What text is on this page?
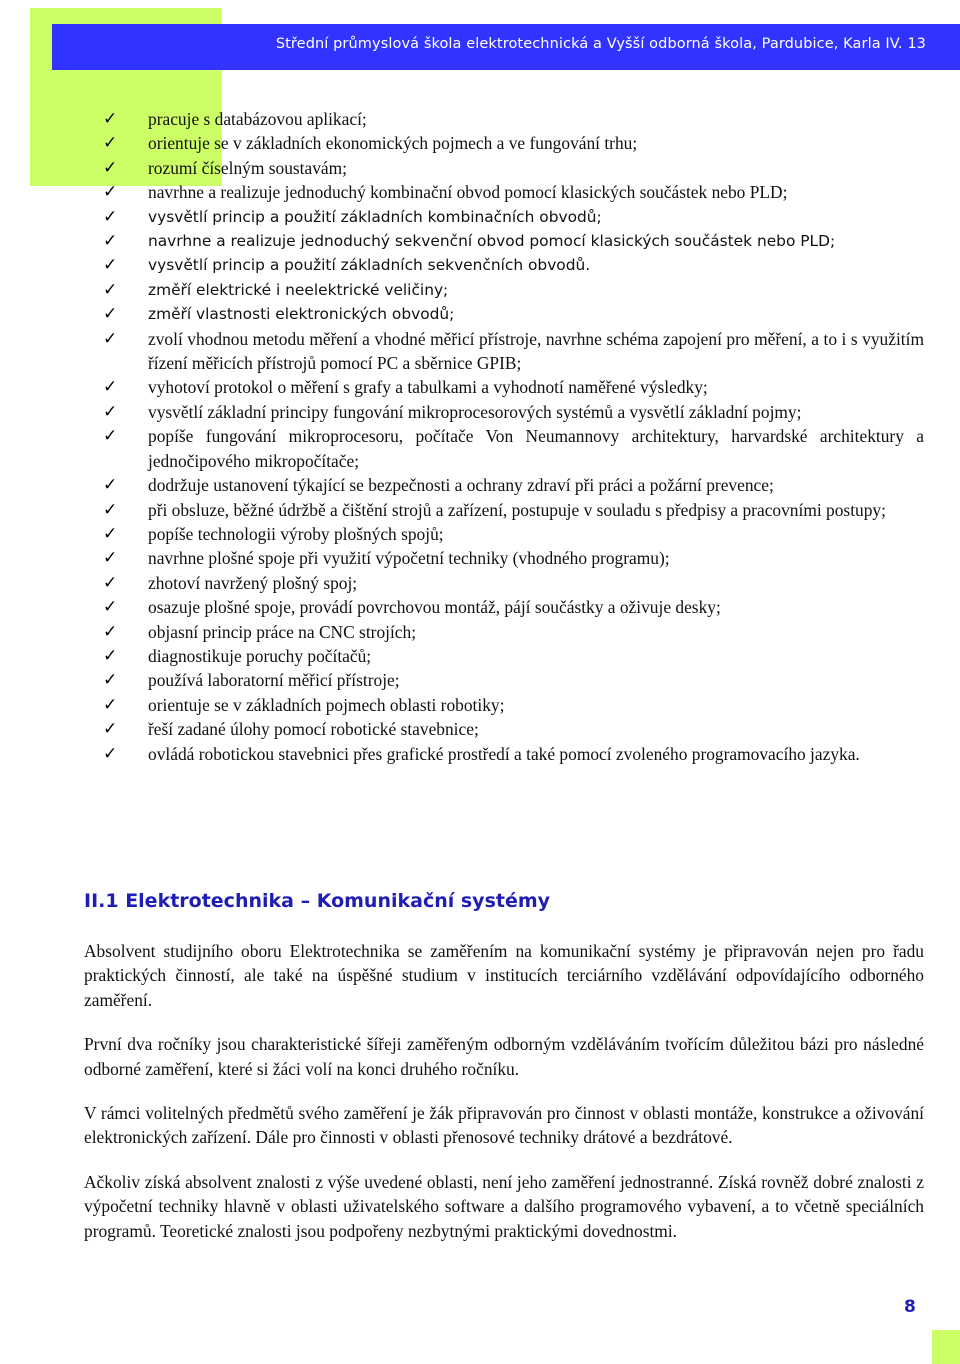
Střední průmyslová škola elektrotechnická a Vyšší odborná škola, Pardubice, Karla IV. 13
✓ pracuje s databázovou aplikací;
✓ orientuje se v základních ekonomických pojmech a ve fungování trhu;
✓ rozumí číselným soustavám;
✓ navrhne a realizuje jednoduchý kombinační obvod pomocí klasických součástek nebo PLD;
✓ vysvětlí princip a použití základních kombinačních obvodů;
✓ navrhne a realizuje jednoduchý sekvenční obvod pomocí klasických součástek nebo PLD;
✓ vysvětlí princip a použití základních sekvenčních obvodů.
✓ změří elektrické i neelektrické veličiny;
✓ změří vlastnosti elektronických obvodů;
✓ zvolí vhodnou metodu měření a vhodné měřicí přístroje, navrhne schéma zapojení pro měření, a to i s využitím řízení měřicích přístrojů pomocí PC a sběrnice GPIB;
✓ vyhotoví protokol o měření s grafy a tabulkami a vyhodnotí naměřené výsledky;
✓ vysvětlí základní principy fungování mikroprocesorových systémů a vysvětlí základní pojmy;
✓ popíše fungování mikroprocesoru, počítače Von Neumannovy architektury, harvardské architektury a jednočipového mikropočítače;
✓ dodržuje ustanovení týkající se bezpečnosti a ochrany zdraví při práci a požární prevence;
✓ při obsluze, běžné údržbě a čištění strojů a zařízení, postupuje v souladu s předpisy a pracovními postupy;
✓ popíše technologii výroby plošných spojů;
✓ navrhne plošné spoje při využití výpočetní techniky (vhodného programu);
✓ zhotoví navržený plošný spoj;
✓ osazuje plošné spoje, provádí povrchovou montáž, pájí součástky a oživuje desky;
✓ objasní princip práce na CNC strojích;
✓ diagnostikuje poruchy počítačů;
✓ používá laboratorní měřicí přístroje;
✓ orientuje se v základních pojmech oblasti robotiky;
✓ řeší zadané úlohy pomocí robotické stavebnice;
✓ ovládá robotickou stavebnici přes grafické prostředí a také pomocí zvoleného programovacího jazyka.
II.1 Elektrotechnika – Komunikační systémy

Absolvent studijního oboru Elektrotechnika se zaměřením na komunikační systémy je připravován nejen pro řadu praktických činností, ale také na úspěšné studium v institucích terciárního vzdělávání odpovídajícího odborného zaměření.

První dva ročníky jsou charakteristické šířeji zaměřeným odborným vzděláváním tvořícím důležitou bázi pro následné odborné zaměření, které si žáci volí na konci druhého ročníku.

V rámci volitelných předmětů svého zaměření je žák připravován pro činnost v oblasti montáže, konstrukce a oživování elektronických zařízení. Dále pro činnosti v oblasti přenosové techniky drátové a bezdrátové.

Ačkoliv získá absolvent znalosti z výše uvedené oblasti, není jeho zaměření jednostranné. Získá rovněž dobré znalosti z výpočetní techniky hlavně v oblasti uživatelského software a dalšího programového vybavení, a to včetně speciálních programů. Teoretické znalosti jsou podpořeny nezbytnými praktickými dovednostmi.

8
